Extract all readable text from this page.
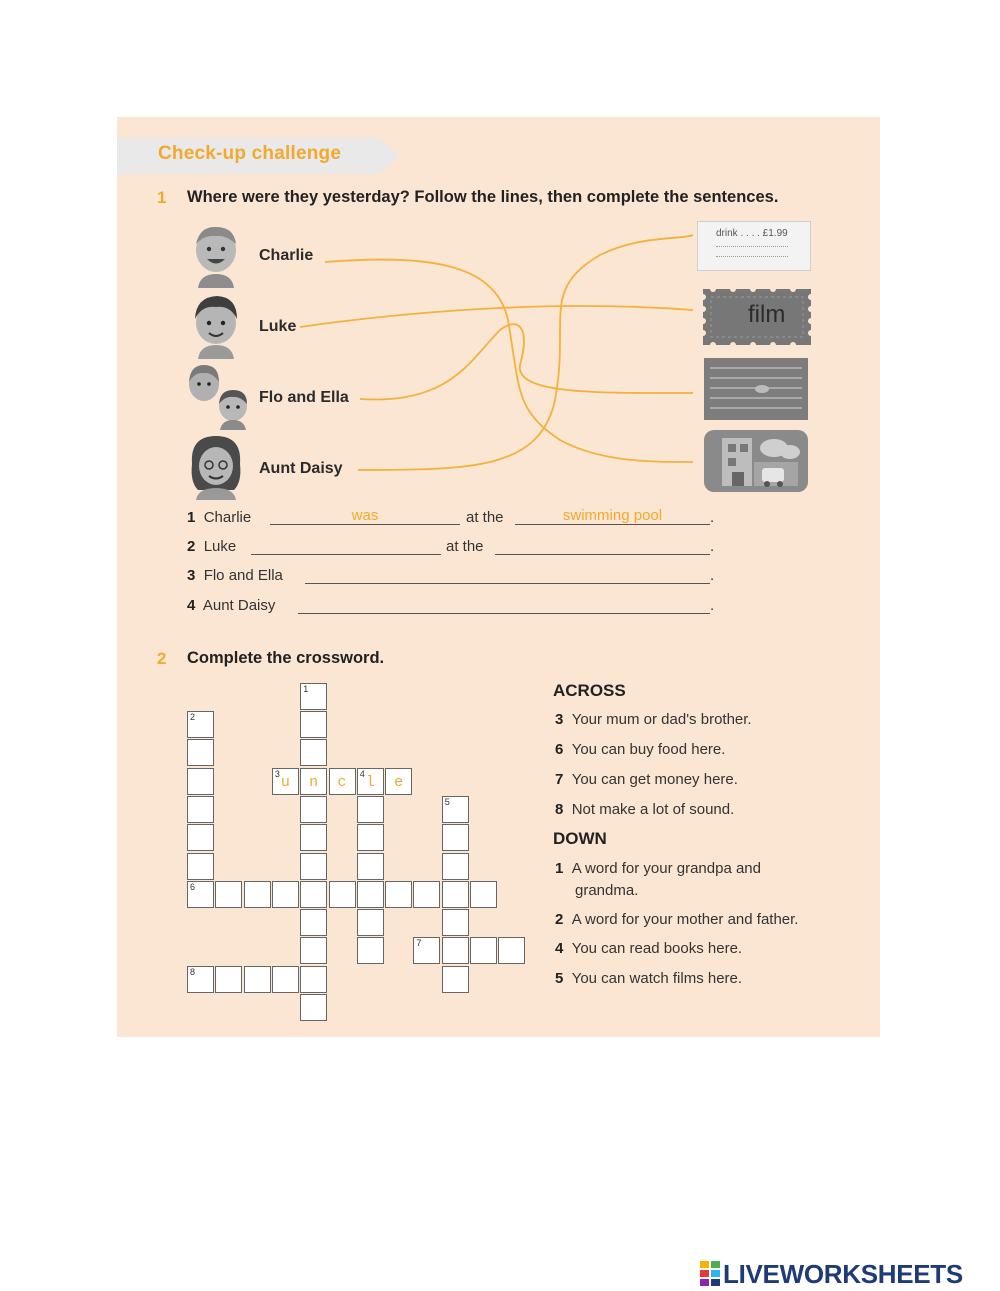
Check-up challenge
1 Where were they yesterday? Follow the lines, then complete the sentences.
Charlie
Luke
Flo and Ella
Aunt Daisy
drink . . . . £1.99
film
1 Charlie	was	at the	swimming pool	.
2 Luke	at the	.
3 Flo and Ella	.
4 Aunt Daisy	.
2 Complete the crossword.
1
n
2
6
3 u	c	4 l	e
5
7
8
ACROSS
3 Your mum or dad's brother.
6 You can buy food here.
7 You can get money here.
8 Not make a lot of sound.
DOWN
1 A word for your grandpa and
grandma.
2 A word for your mother and father.
4 You can read books here.
5 You can watch films here.
LIVEWORKSHEETS
